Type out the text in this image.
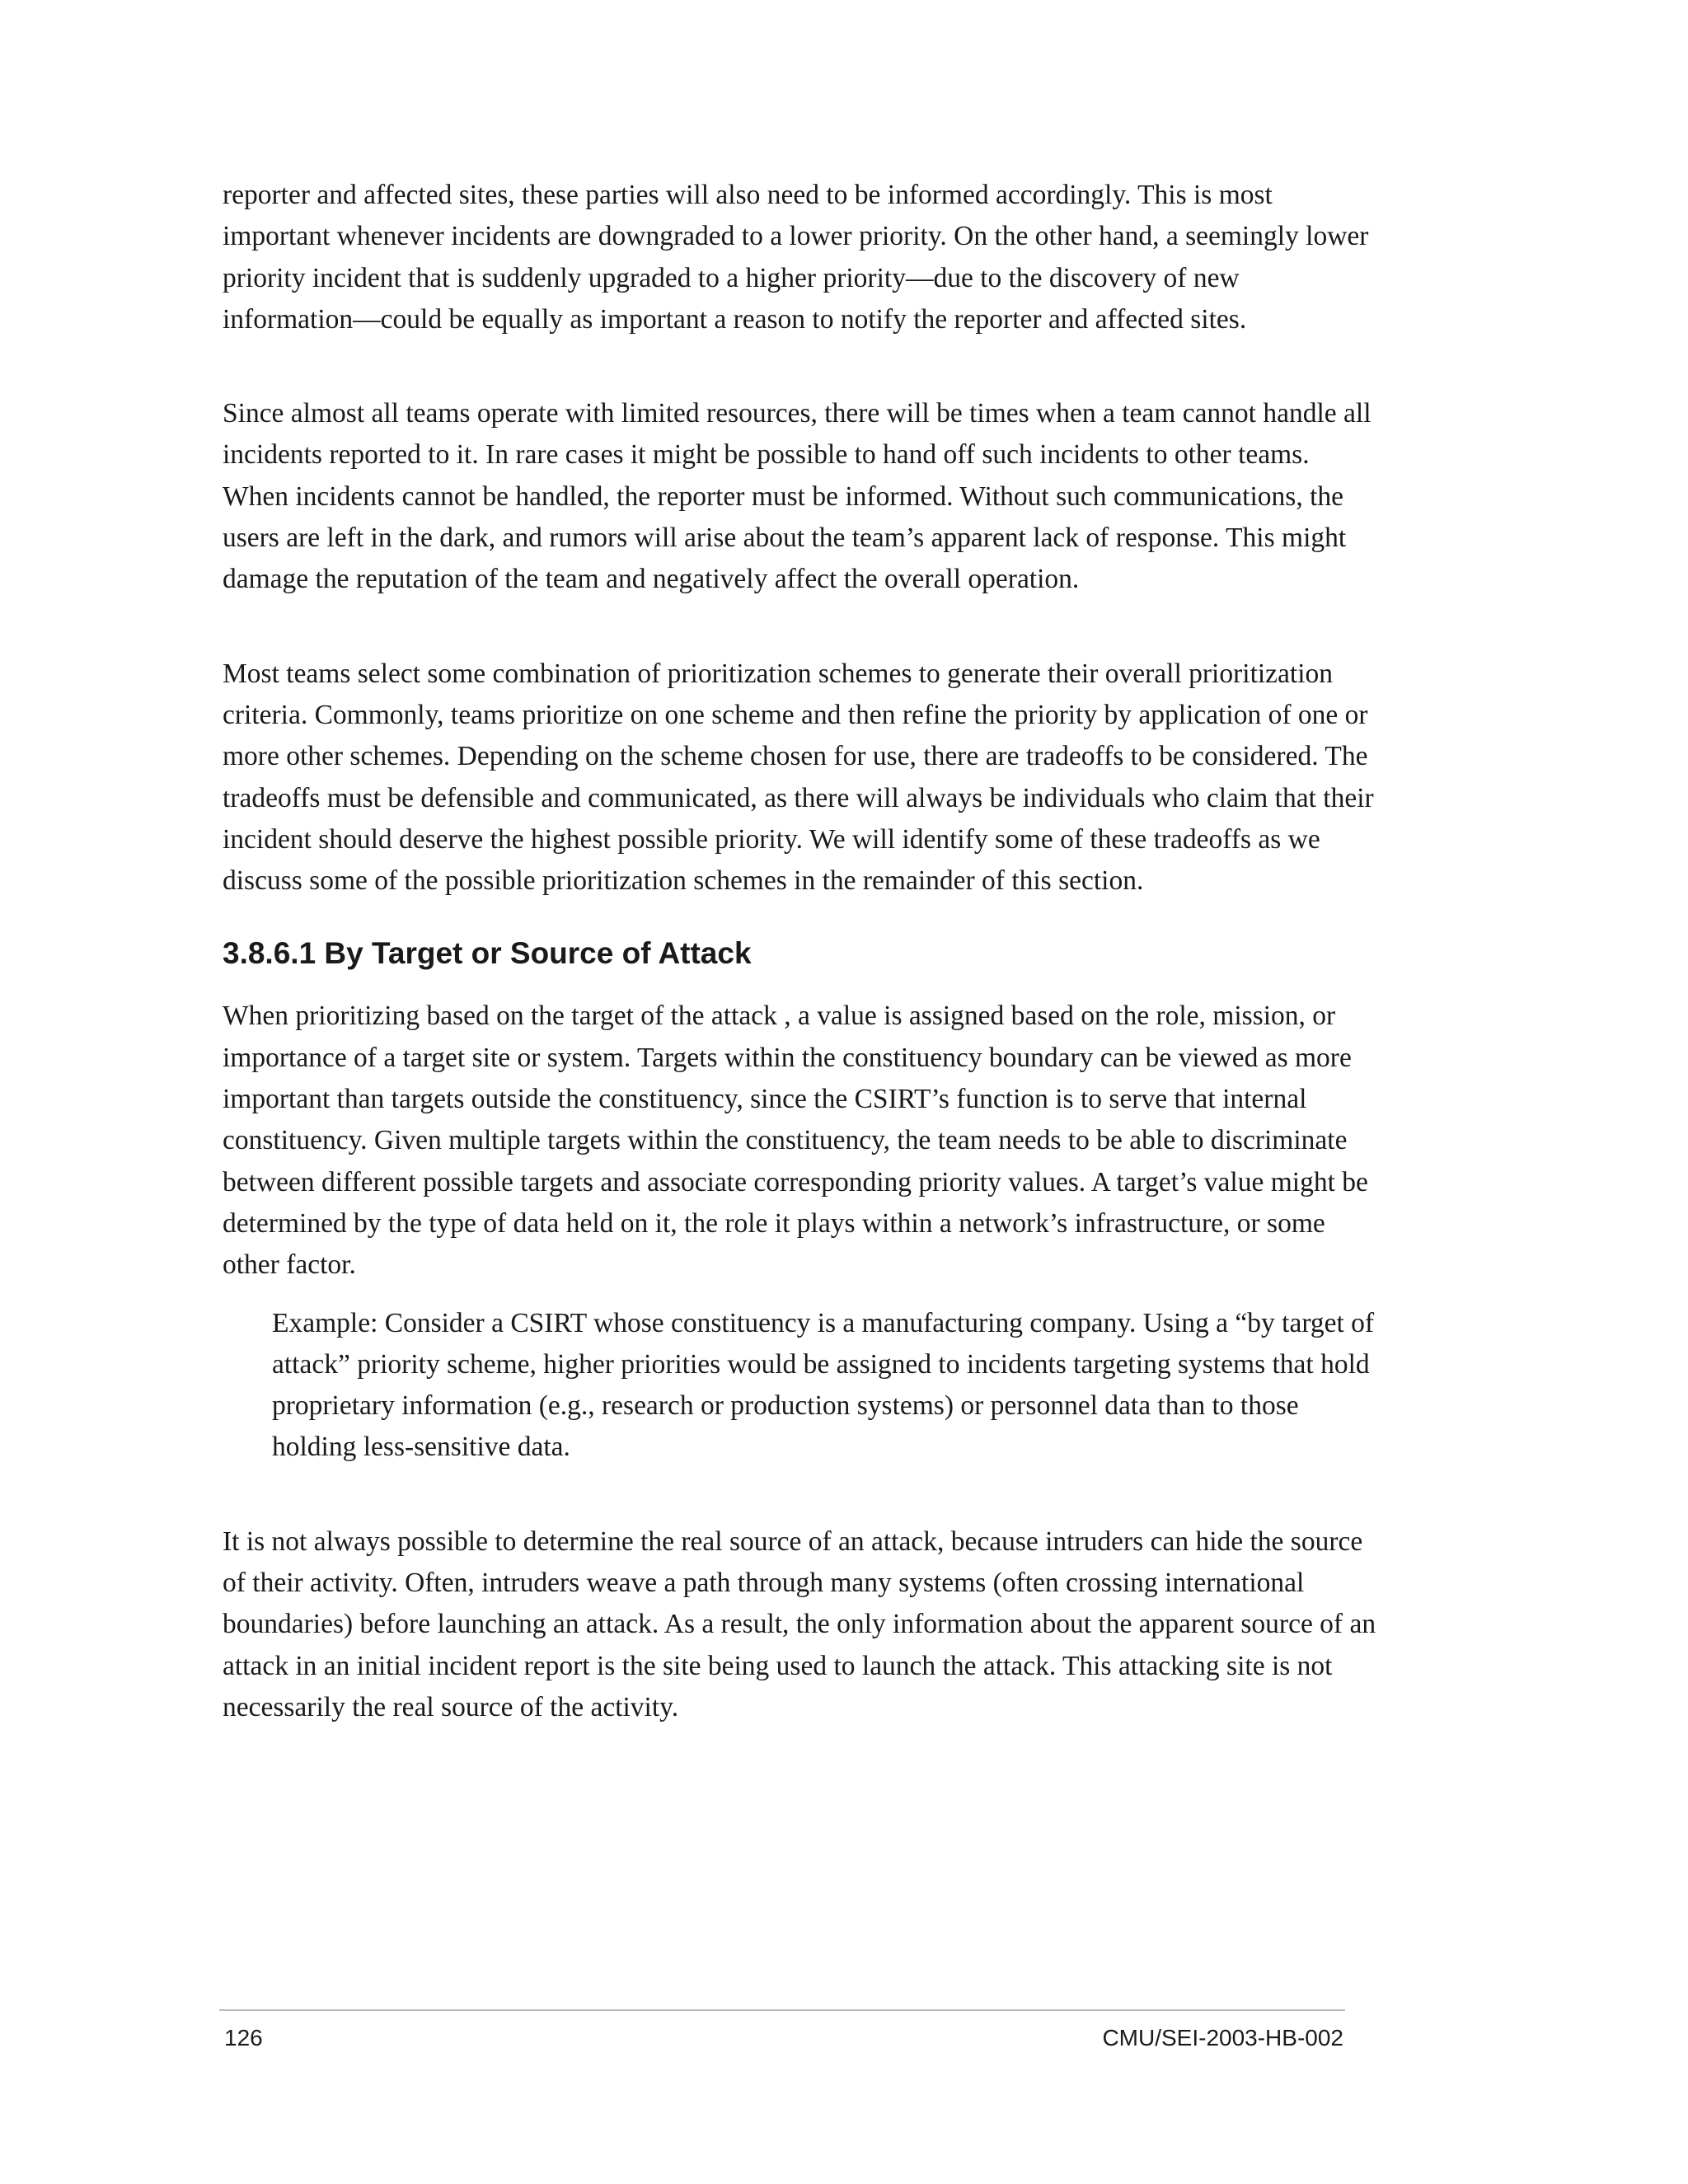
reporter and affected sites, these parties will also need to be informed accordingly. This is most important whenever incidents are downgraded to a lower priority. On the other hand, a seemingly lower priority incident that is suddenly upgraded to a higher priority—due to the discovery of new information—could be equally as important a reason to notify the reporter and affected sites.

Since almost all teams operate with limited resources, there will be times when a team cannot handle all incidents reported to it. In rare cases it might be possible to hand off such incidents to other teams. When incidents cannot be handled, the reporter must be informed. Without such communications, the users are left in the dark, and rumors will arise about the team’s apparent lack of response. This might damage the reputation of the team and negatively affect the overall operation.

Most teams select some combination of prioritization schemes to generate their overall prioritization criteria. Commonly, teams prioritize on one scheme and then refine the priority by application of one or more other schemes. Depending on the scheme chosen for use, there are tradeoffs to be considered. The tradeoffs must be defensible and communicated, as there will always be individuals who claim that their incident should deserve the highest possible priority. We will identify some of these tradeoffs as we discuss some of the possible prioritization schemes in the remainder of this section.

3.8.6.1 By Target or Source of Attack

When prioritizing based on the target of the attack , a value is assigned based on the role, mission, or importance of a target site or system. Targets within the constituency boundary can be viewed as more important than targets outside the constituency, since the CSIRT’s function is to serve that internal constituency. Given multiple targets within the constituency, the team needs to be able to discriminate between different possible targets and associate corresponding priority values. A target’s value might be determined by the type of data held on it, the role it plays within a network’s infrastructure, or some other factor.

Example: Consider a CSIRT whose constituency is a manufacturing company. Using a “by target of attack” priority scheme, higher priorities would be assigned to incidents targeting systems that hold proprietary information (e.g., research or production systems) or personnel data than to those holding less-sensitive data.

It is not always possible to determine the real source of an attack, because intruders can hide the source of their activity. Often, intruders weave a path through many systems (often crossing international boundaries) before launching an attack. As a result, the only information about the apparent source of an attack in an initial incident report is the site being used to launch the attack. This attacking site is not necessarily the real source of the activity.

126	CMU/SEI-2003-HB-002
